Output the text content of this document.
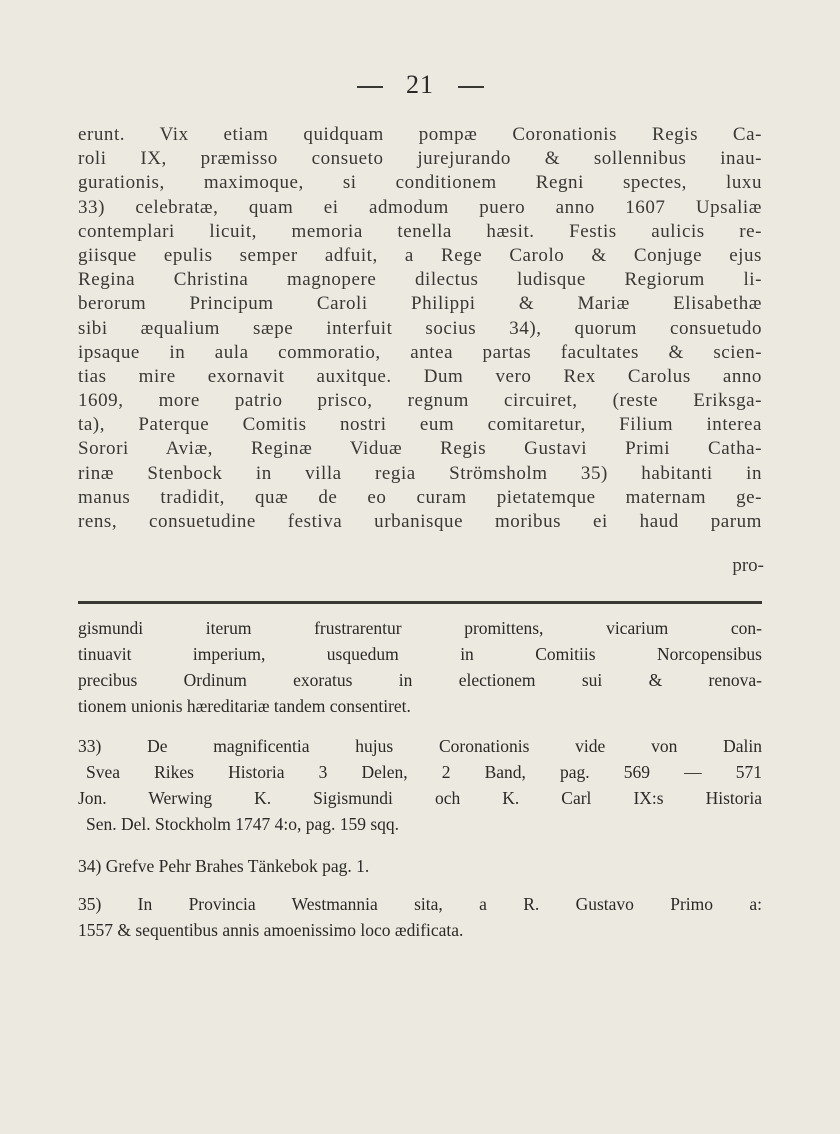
21
erunt. Vix etiam quidquam pompæ Coronationis Regis Ca-
roli IX, præmisso consueto jurejurando & sollennibus inau-
gurationis, maximoque, si conditionem Regni spectes, luxu
33) celebratæ, quam ei admodum puero anno 1607 Upsaliæ
contemplari licuit, memoria tenella hæsit. Festis aulicis re-
giisque epulis semper adfuit, a Rege Carolo & Conjuge ejus
Regina Christina magnopere dilectus ludisque Regiorum li-
berorum Principum Caroli Philippi & Mariæ Elisabethæ
sibi æqualium sæpe interfuit socius 34), quorum consuetudo
ipsaque in aula commoratio, antea partas facultates & scien-
tias mire exornavit auxitque. Dum vero Rex Carolus anno
1609, more patrio prisco, regnum circuiret, (reste Eriksga-
ta), Paterque Comitis nostri eum comitaretur, Filium interea
Sorori Aviæ, Reginæ Viduæ Regis Gustavi Primi Catha-
rinæ Stenbock in villa regia Strömsholm 35) habitanti in
manus tradidit, quæ de eo curam pietatemque maternam ge-
rens, consuetudine festiva urbanisque moribus ei haud parum
pro-
gismundi iterum frustrarentur promittens, vicarium con-
tinuavit imperium, usquedum in Comitiis Norcopensibus
precibus Ordinum exoratus in electionem sui & renova-
tionem unionis hæreditariæ tandem consentiret.
33) De magnificentia hujus Coronationis vide von Dalin
Svea Rikes Historia 3 Delen, 2 Band, pag. 569 — 571
Jon. Werwing K. Sigismundi och K. Carl IX:s Historia
Sen. Del. Stockholm 1747 4:o, pag. 159 sqq.
34) Grefve Pehr Brahes Tänkebok pag. 1.
35) In Provincia Westmannia sita, a R. Gustavo Primo a:
1557 & sequentibus annis amoenissimo loco ædificata.
